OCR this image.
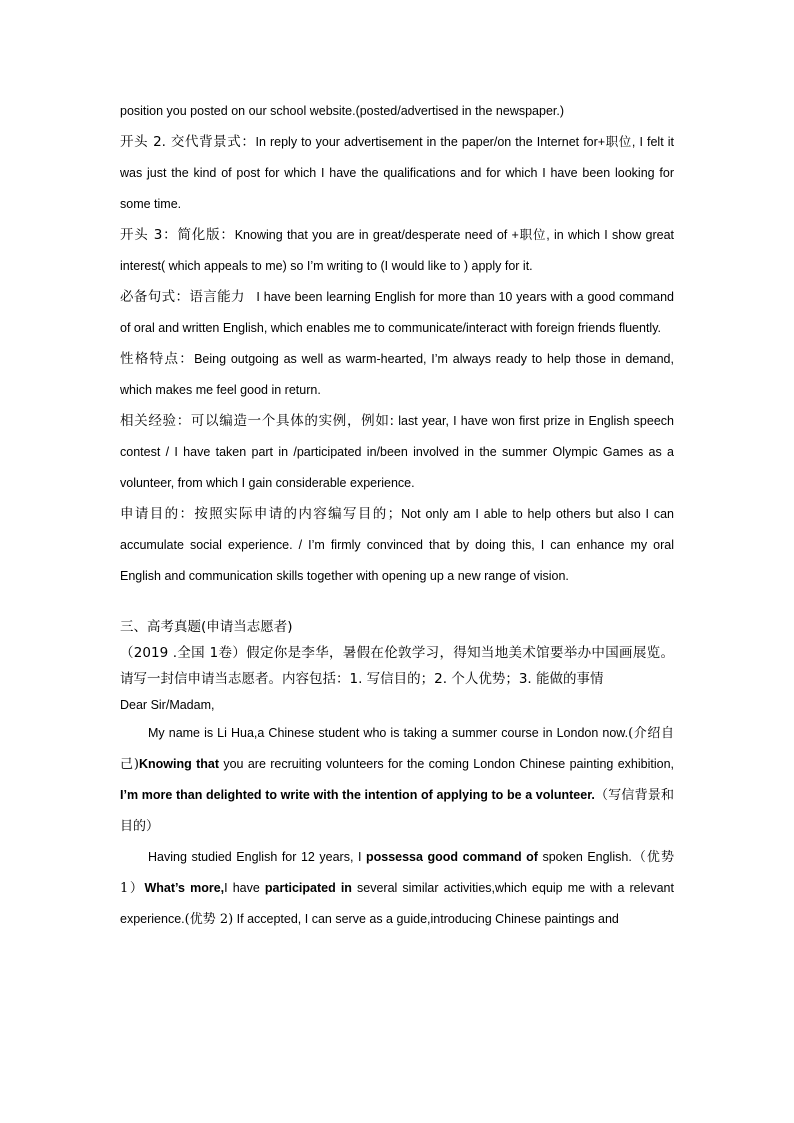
position you posted on our school website.(posted/advertised in the newspaper.)

开头 2. 交代背景式：In reply to your advertisement in the paper/on the Internet for+职位, I felt it was just the kind of post for which I have the qualifications and for which I have been looking for some time.

开头 3：简化版：Knowing that you are in great/desperate need of +职位, in which I show great interest( which appeals to me) so I’m writing to (I would like to ) apply for it.

必备句式：语言能力 I have been learning English for more than 10 years with a good command of oral and written English, which enables me to communicate/interact with foreign friends fluently.

性格特点：Being outgoing as well as warm-hearted, I’m always ready to help those in demand, which makes me feel good in return.

相关经验：可以编造一个具体的实例，例如: last year, I have won first prize in English speech contest / I have taken part in /participated in/been involved in the summer Olympic Games as a volunteer, from which I gain considerable experience.

申请目的：按照实际申请的内容编写目的；Not only am I able to help others but also I can accumulate social experience. / I’m firmly convinced that by doing this, I can enhance my oral English and communication skills together with opening up a new range of vision.

三、高考真题(申请当志愿者)

（2019 .全国 1卷）假定你是李华，暑假在伦敦学习，得知当地美术馆要举办中国画展览。请写一封信申请当志愿者。内容包括：1. 写信目的；2. 个人优势；3. 能做的事情

Dear Sir/Madam,

My name is Li Hua,a Chinese student who is taking a summer course in London now.(介绍自己)Knowing that you are recruiting volunteers for the coming London Chinese painting exhibition, I’m more than delighted to write with the intention of applying to be a volunteer.（写信背景和目的）

Having studied English for 12 years, I possessa good command of spoken English.（优势 1）What’s more,I have participated in several similar activities,which equip me with a relevant experience.(优势 2) If accepted, I can serve as a guide,introducing Chinese paintings and
